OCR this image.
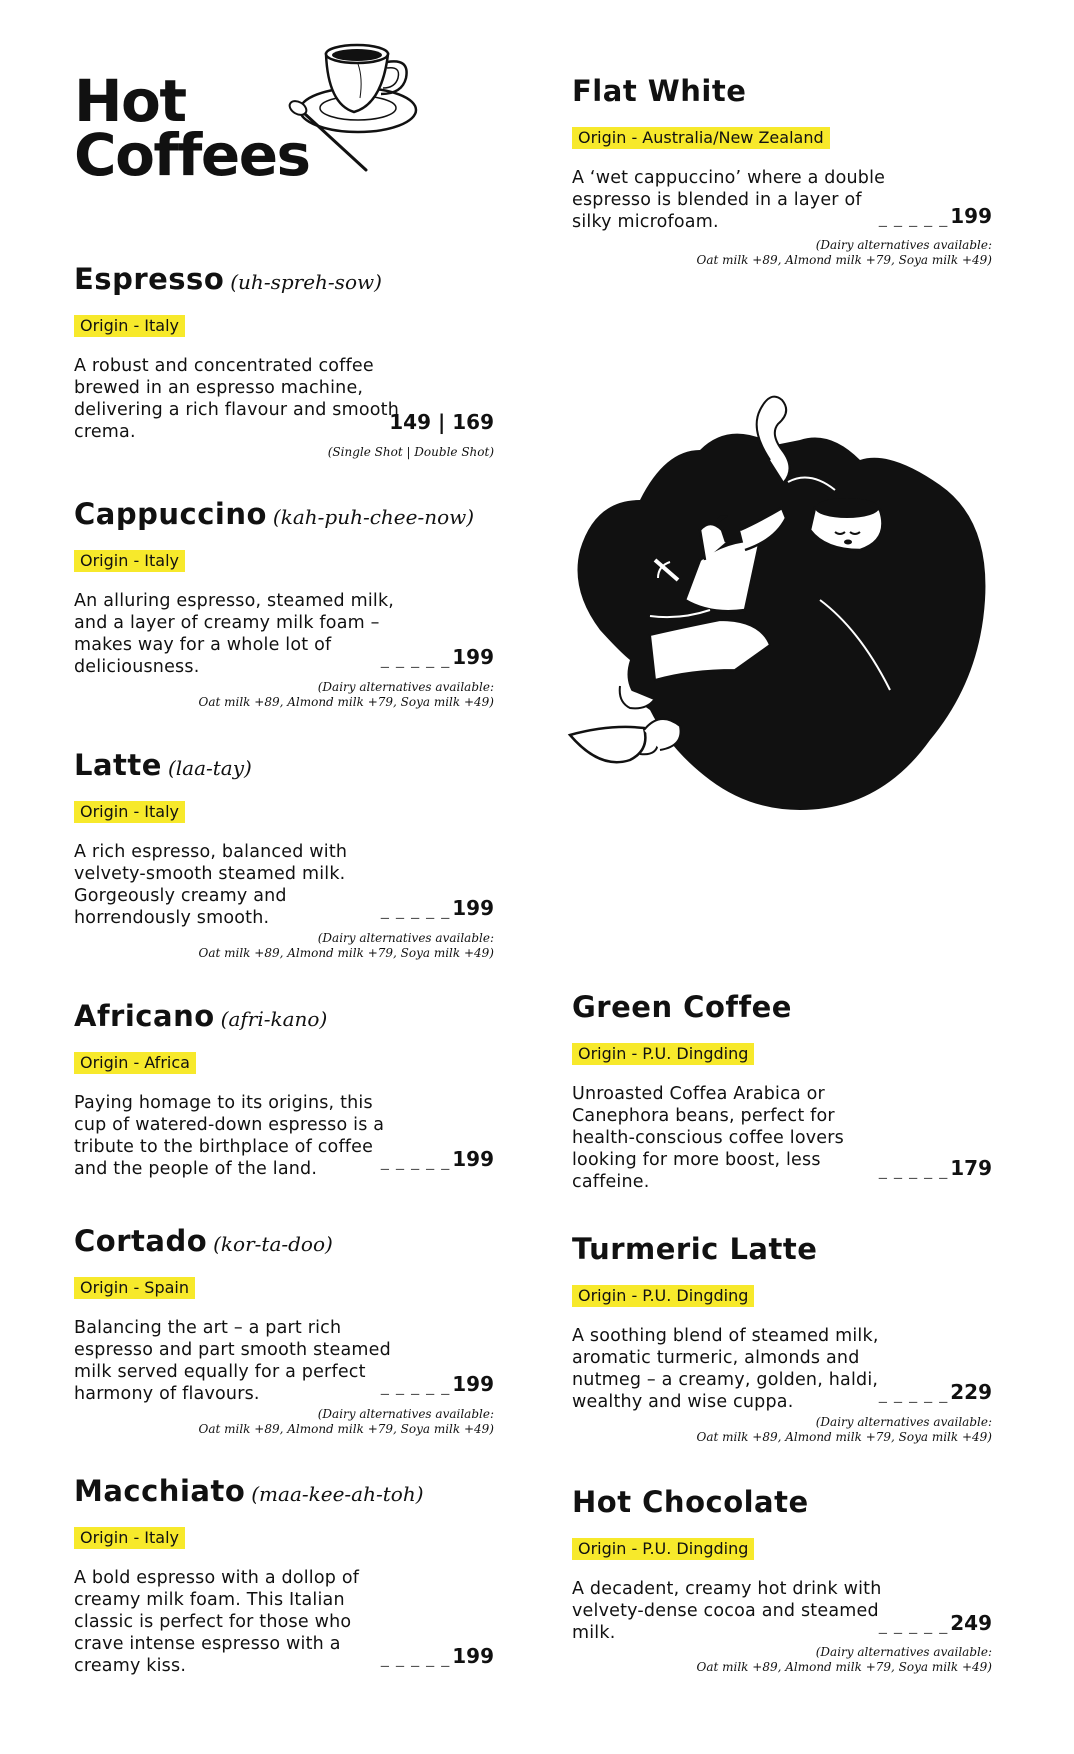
Hot
Coffees
Espresso (uh-spreh-sow)
Origin - Italy
A robust and concentrated coffee
brewed in an espresso machine,
delivering a rich flavour and smooth
crema.	149 | 169
(Single Shot | Double Shot)
Cappuccino (kah-puh-chee-now)
Origin - Italy
An alluring espresso, steamed milk,
and a layer of creamy milk foam –
makes way for a whole lot of
deliciousness.	_ _ _ _ _ 199
(Dairy alternatives available:
Oat milk +89, Almond milk +79, Soya milk +49)
Latte (laa-tay)
Origin - Italy
A rich espresso, balanced with
velvety-smooth steamed milk.
Gorgeously creamy and
horrendously smooth.	_ _ _ _ _ 199
(Dairy alternatives available:
Oat milk +89, Almond milk +79, Soya milk +49)
Africano (afri-kano)
Origin - Africa
Paying homage to its origins, this
cup of watered-down espresso is a
tribute to the birthplace of coffee
and the people of the land.	_ _ _ _ _ 199
Cortado (kor-ta-doo)
Origin - Spain
Balancing the art – a part rich
espresso and part smooth steamed
milk served equally for a perfect
harmony of flavours.	_ _ _ _ _ 199
(Dairy alternatives available:
Oat milk +89, Almond milk +79, Soya milk +49)
Macchiato (maa-kee-ah-toh)
Origin - Italy
A bold espresso with a dollop of
creamy milk foam. This Italian
classic is perfect for those who
crave intense espresso with a
creamy kiss.	_ _ _ _ _ 199
Flat White
Origin - Australia/New Zealand
A ‘wet cappuccino’ where a double
espresso is blended in a layer of
silky microfoam.	_ _ _ _ _ 199
(Dairy alternatives available:
Oat milk +89, Almond milk +79, Soya milk +49)
Green Coffee
Origin - P.U. Dingding
Unroasted Coffea Arabica or
Canephora beans, perfect for
health-conscious coffee lovers
looking for more boost, less
caffeine.
_ _ _ _ _ 179
Turmeric Latte
Origin - P.U. Dingding
A soothing blend of steamed milk,
aromatic turmeric, almonds and
nutmeg – a creamy, golden, haldi,
wealthy and wise cuppa.	_ _ _ _ _ 229
(Dairy alternatives available:
Oat milk +89, Almond milk +79, Soya milk +49)
Hot Chocolate
Origin - P.U. Dingding
A decadent, creamy hot drink with
velvety-dense cocoa and steamed
milk.	_ _ _ _ _ 249
(Dairy alternatives available:
Oat milk +89, Almond milk +79, Soya milk +49)
